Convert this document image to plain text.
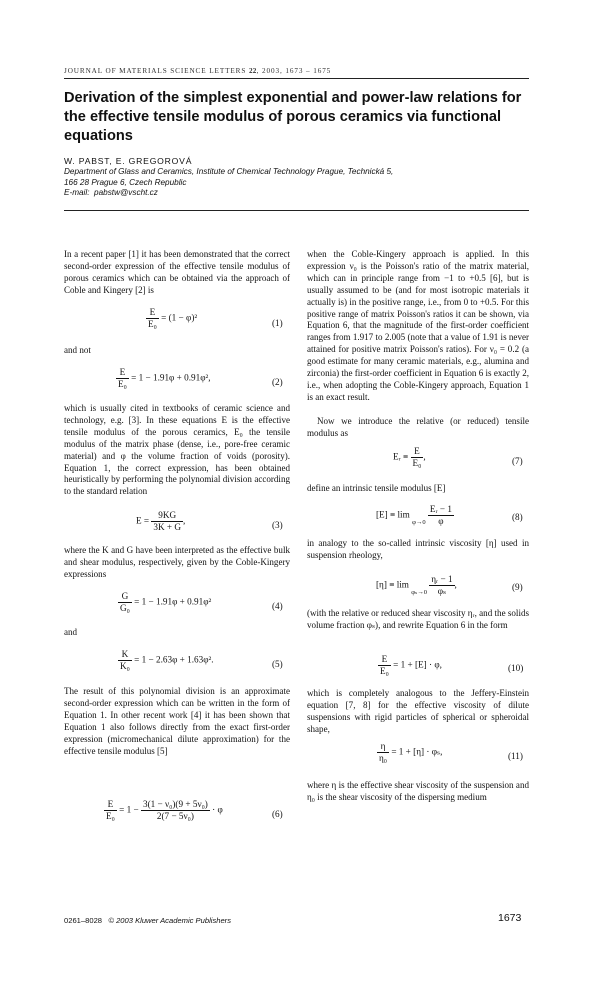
JOURNAL OF MATERIALS SCIENCE LETTERS 22, 2003, 1673 – 1675
Derivation of the simplest exponential and power-law relations for the effective tensile modulus of porous ceramics via functional equations
W. PABST, E. GREGOROVÁ
Department of Glass and Ceramics, Institute of Chemical Technology Prague, Technická 5,
166 28 Prague 6, Czech Republic
E-mail: pabstw@vscht.cz
In a recent paper [1] it has been demonstrated that the correct second-order expression of the effective tensile modulus of porous ceramics which can be obtained via the approach of Coble and Kingery [2] is
$\frac{E}{\text{E₀}} = (1 - \varphi)^2$
(1)
and not
$\frac{E}{\text{E₀}} = 1 - 1.91\varphi + 0.91\varphi^2$,	(2)
which is usually cited in textbooks of ceramic science and technology, e.g. [3]. In these equations E is the effective tensile modulus of the porous ceramics, E₀ the tensile modulus of the matrix phase (dense, i.e., pore-free ceramic material) and φ the volume fraction of voids (porosity). Equation 1, the correct expression, has been obtained heuristically by performing the polynomial division according to the standard relation
$E = \frac{9KG}{3K + G}$ ,	(3)
where the K and G have been interpreted as the effective bulk and shear modulus, respectively, given by the Coble-Kingery expressions
$\frac{G}{\text{G₀}} = 1 - 1.91\varphi + 0.91\varphi^2$	(4)
and
$\frac{K}{\text{K₀}} = 1 - 2.63\varphi + 1.63\varphi^2$.	(5)
The result of this polynomial division is an approximate second-order expression which can be written in the form of Equation 1. In other recent work [4] it has been shown that Equation 1 also follows directly from the exact first-order expression (micromechanical dilute approximation) for the effective tensile modulus [5]
$\frac{E}{\text{E₀}} = 1 - \frac{\text{3(1 − ν₀)(9 + 5ν₀)}}{\text{2(7 − 5ν₀)}} \cdot \varphi$	(6)
when the Coble-Kingery approach is applied. In this expression ν₀ is the Poisson's ratio of the matrix material, which can in principle range from −1 to +0.5 [6], but is usually assumed to be (and for most isotropic materials it actually is) in the positive range, i.e., from 0 to +0.5. For this positive range of matrix Poisson's ratios it can be shown, via Equation 6, that the magnitude of the first-order coefficient ranges from 1.917 to 2.005 (note that a value of 1.91 is never attained for positive matrix Poisson's ratios). For ν₀ = 0.2 (a good estimate for many ceramic materials, e.g., alumina and zirconia) the first-order coefficient in Equation 6 is exactly 2, i.e., when adopting the Coble-Kingery approach, Equation 1 is an exact result.
Now we introduce the relative (or reduced) tensile modulus as
Eᵣ ≡ $\frac{E}{\text{E₀}}$ ,	(7)
define an intrinsic tensile modulus [E]
[E] ≡ lim
φ→0
$\frac{\text{Eᵣ − 1}}{\varphi}$	(8)
in analogy to the so-called intrinsic viscosity [η] used in suspension rheology,
[η] ≡ lim
φₛ→0
$\frac{\text{ηᵣ − 1}}{\text{φₛ}}$ ,	(9)
(with the relative or reduced shear viscosity ηᵣ, and the solids volume fraction φₛ), and rewrite Equation 6 in the form
$\frac{E}{\text{E₀}} = 1 + [E] \cdot \varphi$,	(10)
which is completely analogous to the Jeffery-Einstein equation [7, 8] for the effective viscosity of dilute suspensions with rigid particles of spherical or spheroidal shape,
$\frac{\eta}{\text{η₀}} = 1 + [\eta] \cdot \varphi_s$,	(11)
where η is the effective shear viscosity of the suspension and η₀ is the shear viscosity of the dispersing medium
0261–8028 © 2003 Kluwer Academic Publishers	1673
